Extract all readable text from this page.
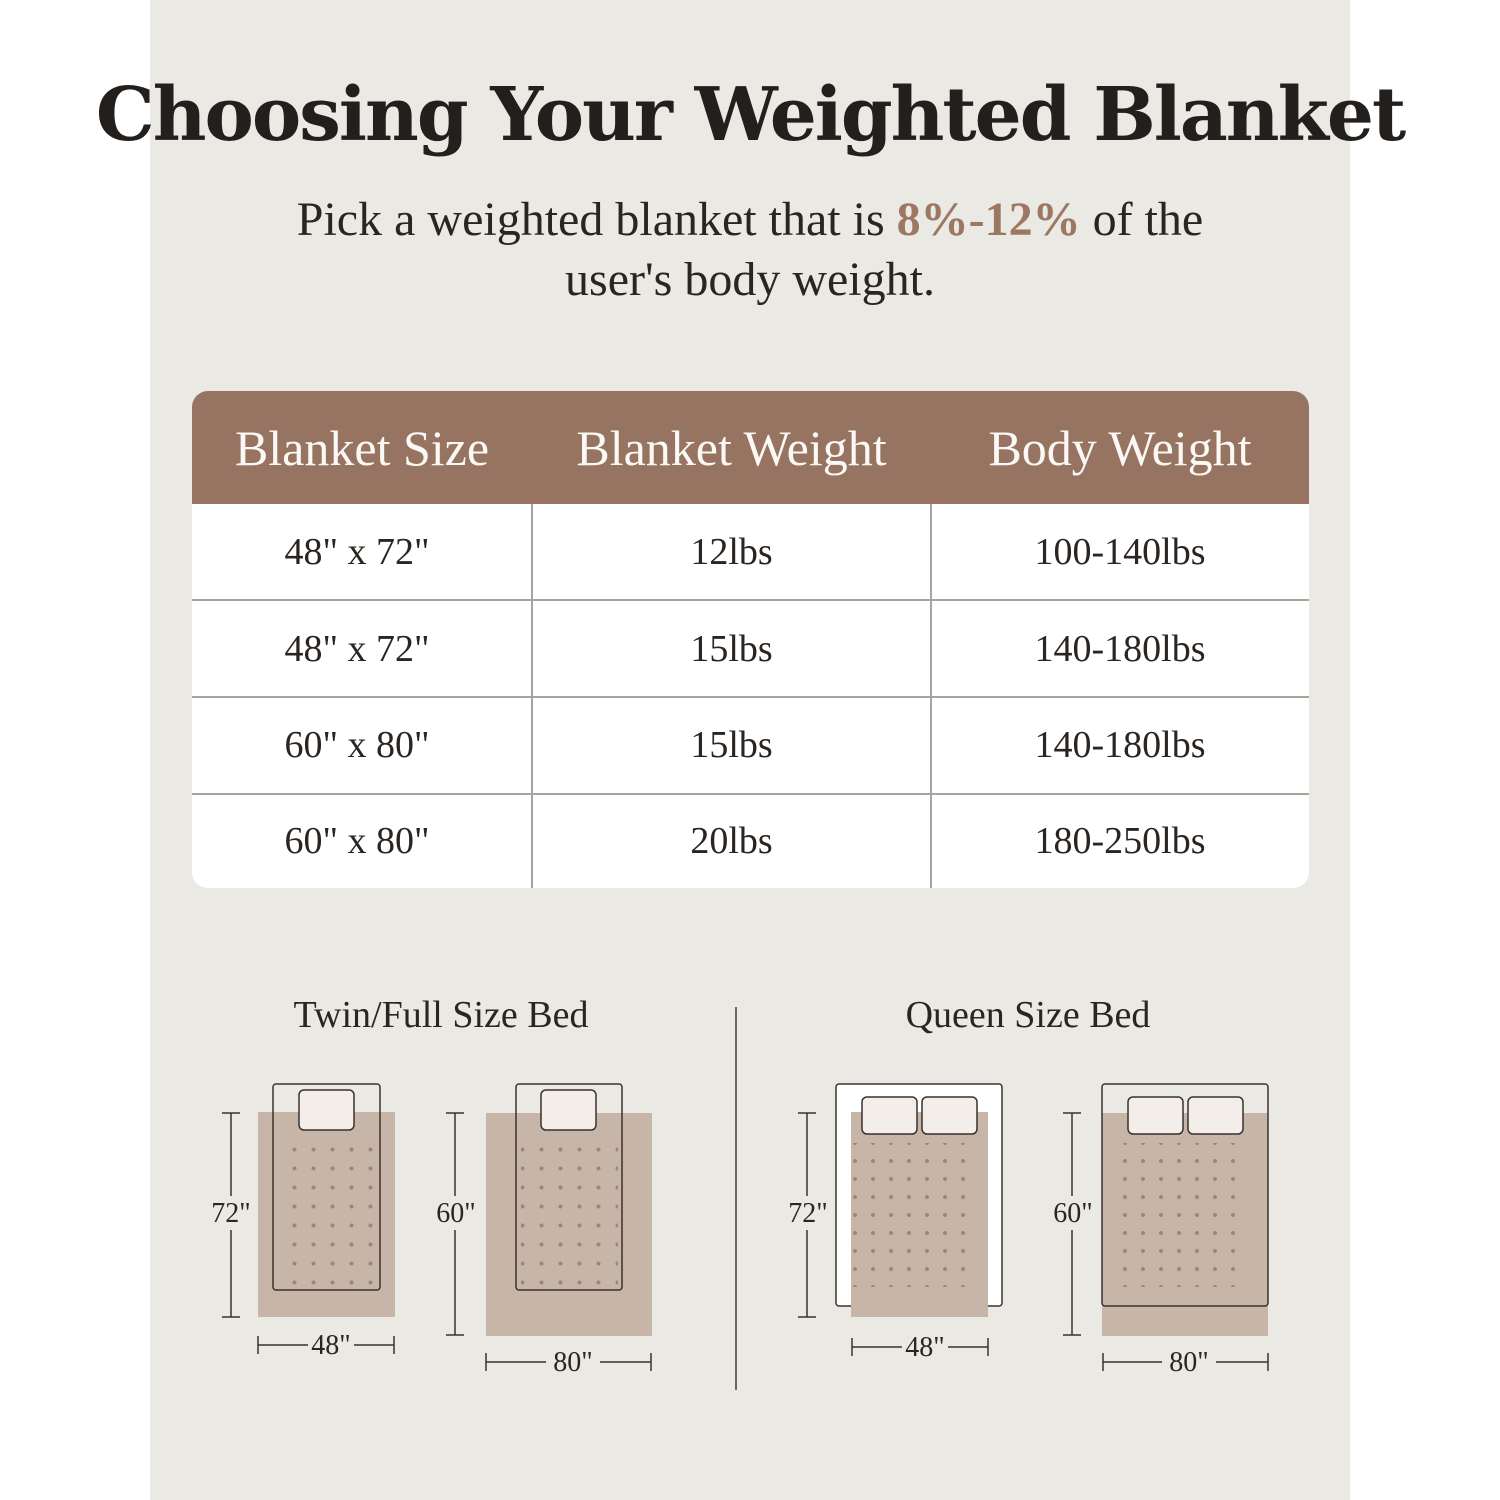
Choosing Your Weighted Blanket
Pick a weighted blanket that is 8%-12% of the
user's body weight.
Blanket Size	Blanket Weight	Body Weight
48" x 72"	12lbs	100-140lbs
48" x 72"	15lbs	140-180lbs
60" x 80"	15lbs	140-180lbs
60" x 80"	20lbs	180-250lbs
Twin/Full Size Bed	Queen Size Bed
72"
48"
60"
80"
72"
48"
60"
80"
